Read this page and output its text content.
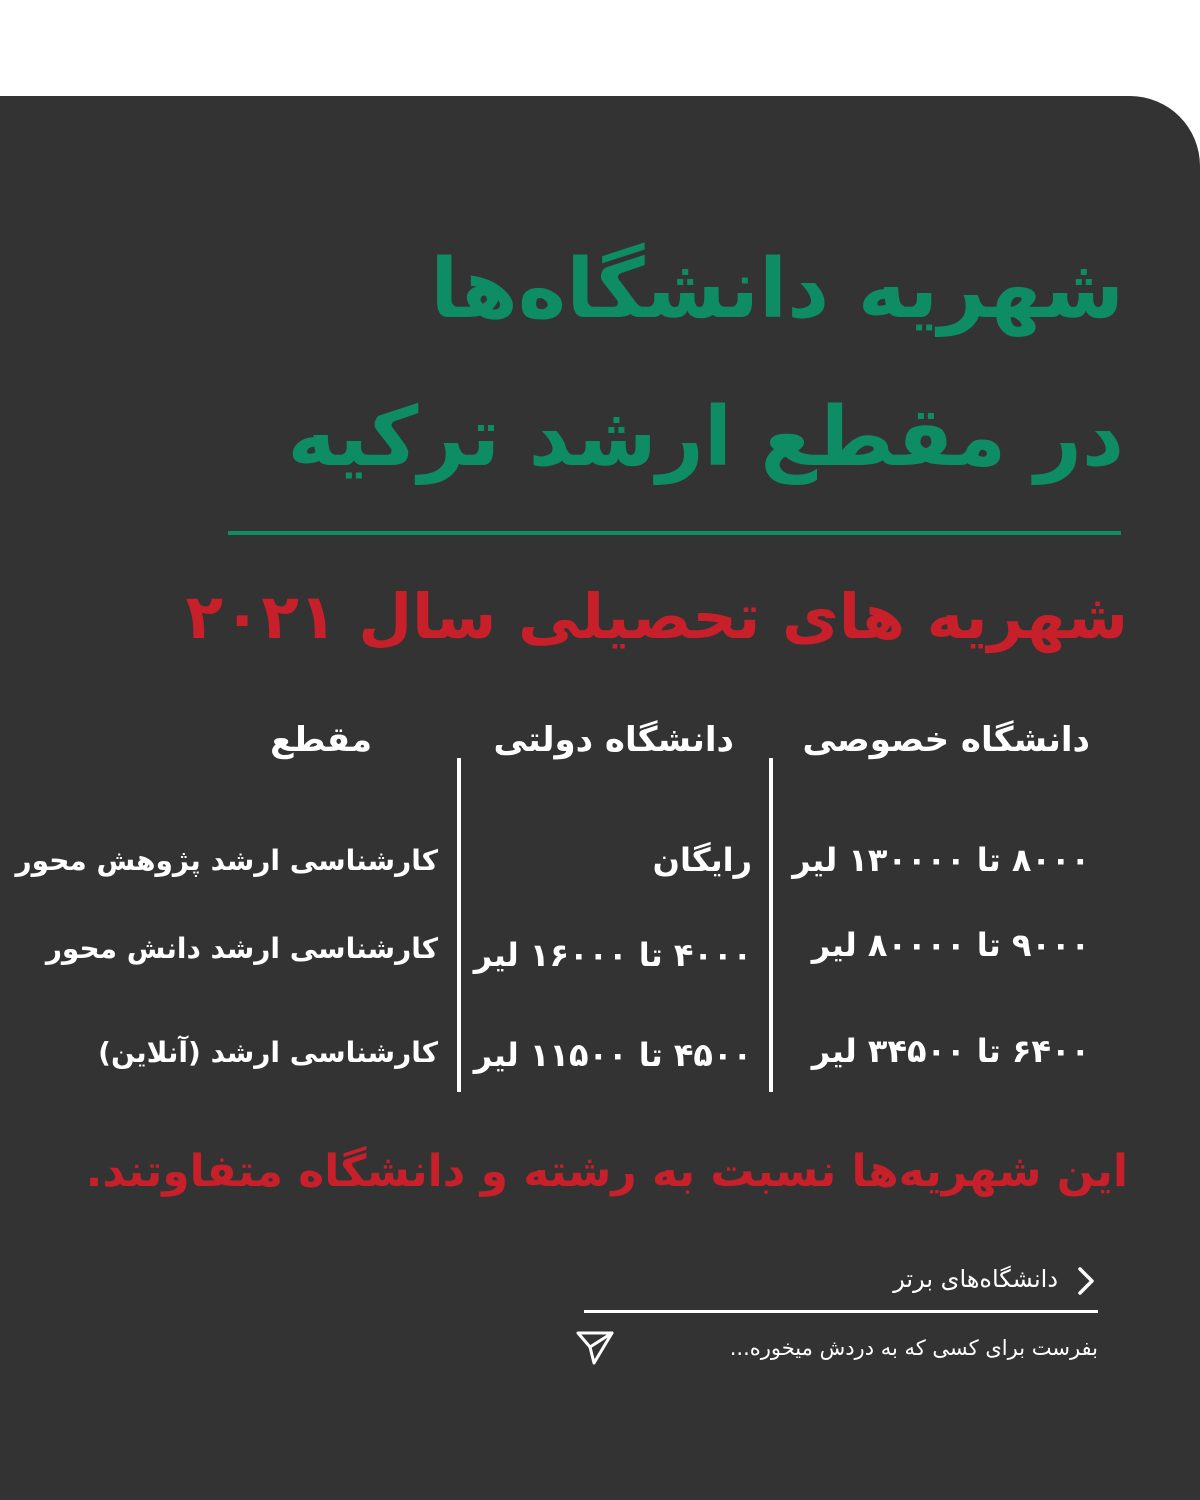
شهریه دانشگاه‌ها
در مقطع ارشد ترکیه
شهریه های تحصیلی سال ۲۰۲۱
دانشگاه خصوصی
دانشگاه دولتی
مقطع
۸۰۰۰ تا ۱۳۰۰۰۰ لیر
رایگان
کارشناسی ارشد پژوهش محور
۹۰۰۰ تا ۸۰۰۰۰ لیر
۴۰۰۰ تا ۱۶۰۰۰ لیر
کارشناسی ارشد دانش محور
۶۴۰۰ تا ۳۴۵۰۰ لیر
۴۵۰۰ تا ۱۱۵۰۰ لیر
کارشناسی ارشد (آنلاین)
این شهریه‌ها نسبت به رشته و دانشگاه متفاوتند.
دانشگاه‌های برتر
بفرست برای کسی که به دردش میخوره...
